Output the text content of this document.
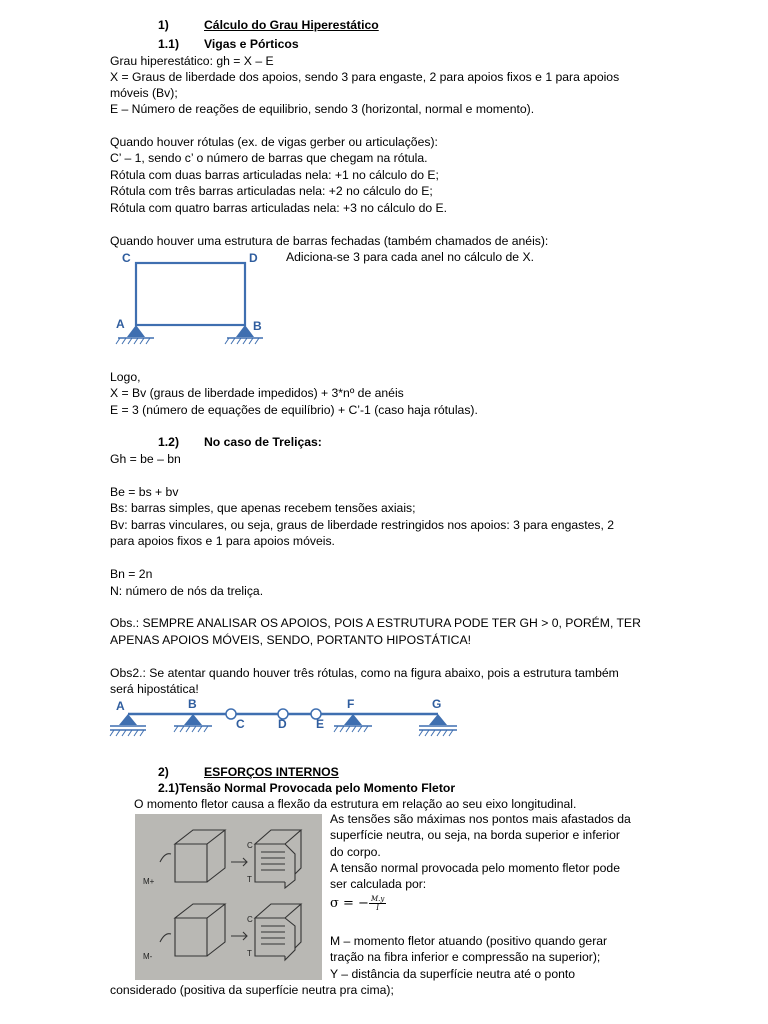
1)	Cálculo do Grau Hiperestático
1.1) Vigas e Pórticos
Grau hiperestático: gh = X – E
X = Graus de liberdade dos apoios, sendo 3 para engaste, 2 para apoios fixos e 1 para apoios
móveis (Bv);
E – Número de reações de equilibrio, sendo 3 (horizontal, normal e momento).
Quando houver rótulas (ex. de vigas gerber ou articulações):
C’ – 1, sendo c’ o número de barras que chegam na rótula.
Rótula com duas barras articuladas nela: +1 no cálculo do E;
Rótula com três barras articuladas nela: +2 no cálculo do E;
Rótula com quatro barras articuladas nela: +3 no cálculo do E.
Quando houver uma estrutura de barras fechadas (também chamados de anéis):
Adiciona-se 3 para cada anel no cálculo de X.
C	D
A	B
Logo,
X = Bv (graus de liberdade impedidos) + 3*nº de anéis
E = 3 (número de equações de equilíbrio) + C’-1 (caso haja rótulas).
1.2) No caso de Treliças:
Gh = be – bn
Be = bs + bv
Bs: barras simples, que apenas recebem tensões axiais;
Bv: barras vinculares, ou seja, graus de liberdade restringidos nos apoios: 3 para engastes, 2
para apoios fixos e 1 para apoios móveis.
Bn = 2n
N: número de nós da treliça.
Obs.: SEMPRE ANALISAR OS APOIOS, POIS A ESTRUTURA PODE TER GH > 0, PORÉM, TER
APENAS APOIOS MÓVEIS, SENDO, PORTANTO HIPOSTÁTICA!
Obs2.: Se atentar quando houver três rótulas, como na figura abaixo, pois a estrutura também
será hipostática!
A	B
C	D E
F	G
2)	ESFORÇOS INTERNOS
2.1)Tensão Normal Provocada pelo Momento Fletor
O momento fletor causa a flexão da estrutura em relação ao seu eixo longitudinal.
M+
M-
C
T
C
T
As tensões são máximas nos pontos mais afastados da
superfície neutra, ou seja, na borda superior e inferior
do corpo.
A tensão normal provocada pelo momento fletor pode
ser calculada por:
σ = − $\frac{M.y}{I}$
M – momento fletor atuando (positivo quando gerar
tração na fibra inferior e compressão na superior);
Y – distância da superfície neutra até o ponto
considerado (positiva da superfície neutra pra cima);
